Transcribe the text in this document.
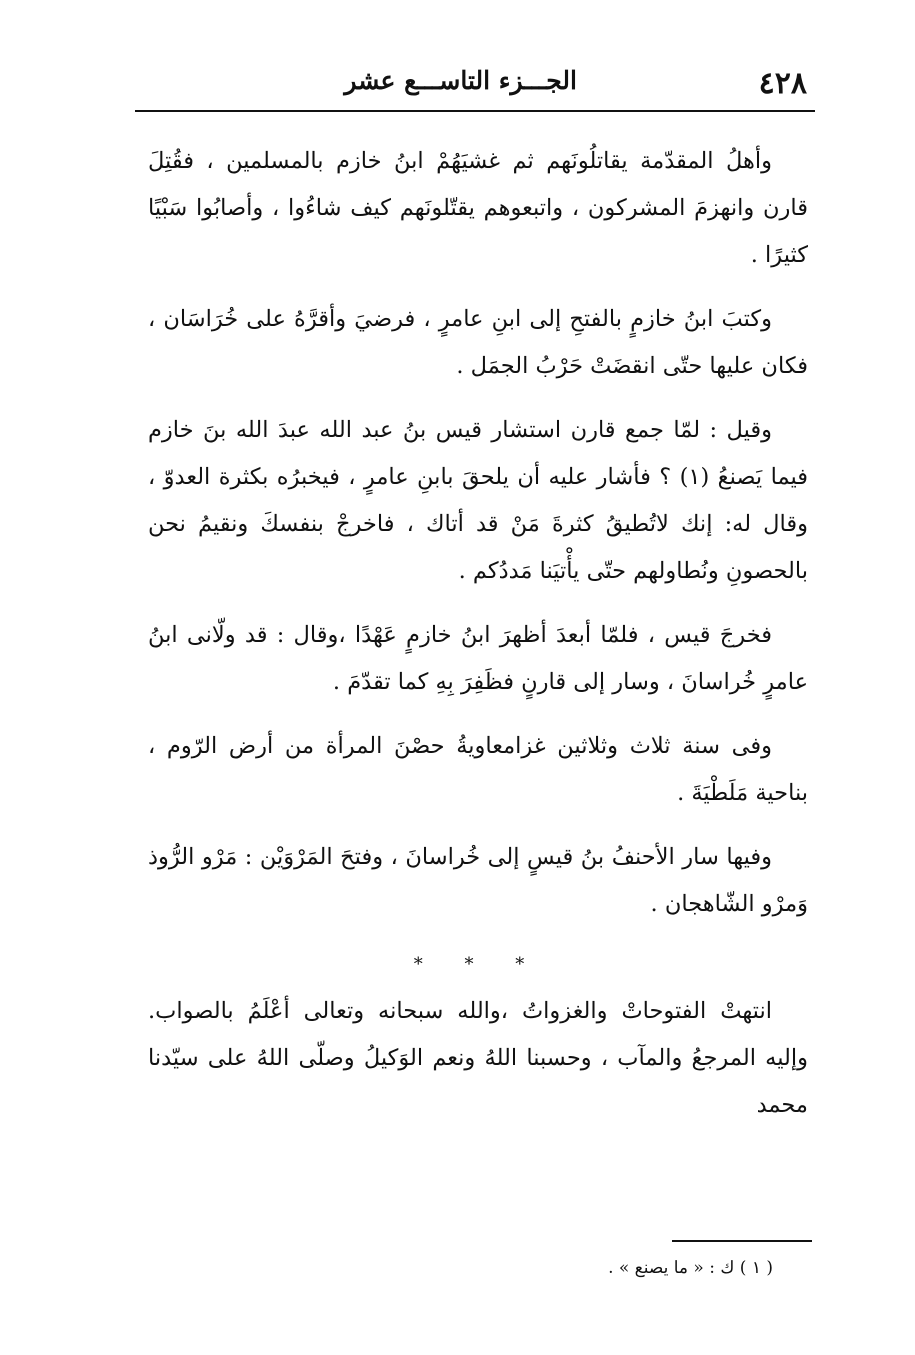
٤٢٨
الجـــزء التاســـع عشر

وأهلُ المقدّمة يقاتلُونَهم ثم غشيَهُمْ ابنُ خازم بالمسلمين ، فقُتِلَ قارن وانهزمَ المشركون ، واتبعوهم يقتّلونَهم كيف شاءُوا ، وأصابُوا سَبْيًا كثيرًا .

وكتبَ ابنُ خازمٍ بالفتحِ إلى ابنِ عامرٍ ، فرضيَ وأقرَّهُ على خُرَاسَان ، فكان عليها حتّى انقضَتْ حَرْبُ الجمَل .

وقيل : لمّا جمع قارن استشار قيس بنُ عبد الله عبدَ الله بنَ خازم فيما يَصنعُ (١) ؟ فأشار عليه أن يلحقَ بابنِ عامرٍ ، فيخبرُه بكثرة العدوّ ، وقال له: إنك لاتُطيقُ كثرةَ مَنْ قد أتاك ، فاخرجْ بنفسكَ ونقيمُ نحن بالحصونِ ونُطاولهم حتّى يأْتيَنا مَددُكم .

فخرجَ قيس ، فلمّا أبعدَ أظهرَ ابنُ خازمٍ عَهْدًا ،وقال : قد ولّانى ابنُ عامرٍ خُراسانَ ، وسار إلى قارنٍ فظَفِرَ بِهِ كما تقدّمَ .

وفى سنة ثلاث وثلاثين غزامعاويةُ حصْنَ المرأة من أرض الرّوم ، بناحية مَلَطْيَةَ .

وفيها سار الأحنفُ بنُ قيسٍ إلى خُراسانَ ، وفتحَ المَرْوَيْن : مَرْو الرُّوذ وَمرْو الشّاهجان .

* * *

انتهتْ الفتوحاتْ والغزواتُ ،والله سبحانه وتعالى أعْلَمُ بالصواب. وإليه المرجعُ والمآب ، وحسبنا اللهُ ونعم الوَكيلُ وصلّى اللهُ على سيّدنا محمد

( ١ ) ك : « ما يصنع » .
